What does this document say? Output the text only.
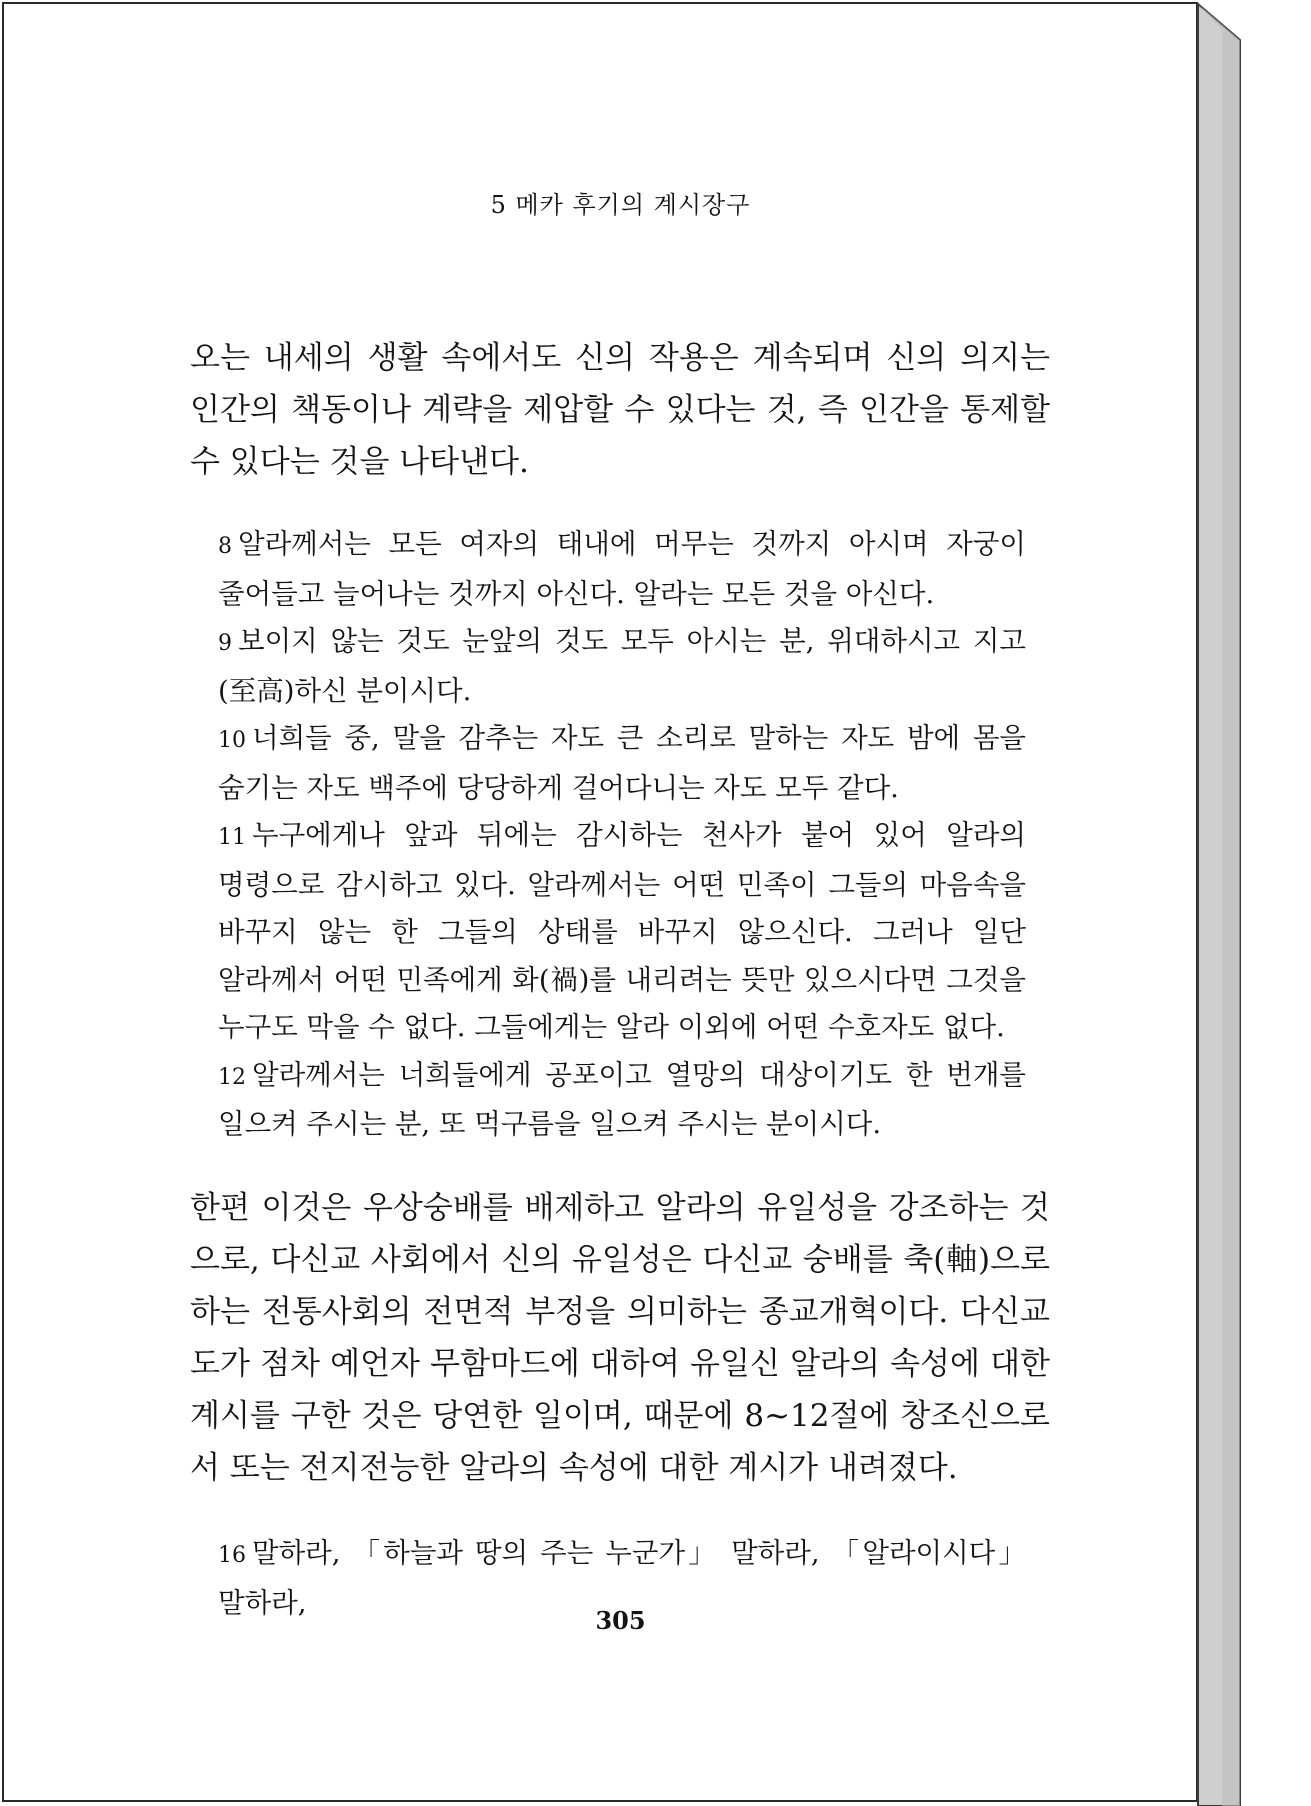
5 메카 후기의 계시장구

오는 내세의 생활 속에서도 신의 작용은 계속되며 신의 의지는 인간의 책동이나 계략을 제압할 수 있다는 것, 즉 인간을 통제할 수 있다는 것을 나타낸다.

8 알라께서는 모든 여자의 태내에 머무는 것까지 아시며 자궁이 줄어들고 늘어나는 것까지 아신다. 알라는 모든 것을 아신다.

9 보이지 않는 것도 눈앞의 것도 모두 아시는 분, 위대하시고 지고(至高)하신 분이시다.

10 너희들 중, 말을 감추는 자도 큰 소리로 말하는 자도 밤에 몸을 숨기는 자도 백주에 당당하게 걸어다니는 자도 모두 같다.

11 누구에게나 앞과 뒤에는 감시하는 천사가 붙어 있어 알라의 명령으로 감시하고 있다. 알라께서는 어떤 민족이 그들의 마음속을 바꾸지 않는 한 그들의 상태를 바꾸지 않으신다. 그러나 일단 알라께서 어떤 민족에게 화(禍)를 내리려는 뜻만 있으시다면 그것을 누구도 막을 수 없다. 그들에게는 알라 이외에 어떤 수호자도 없다.

12 알라께서는 너희들에게 공포이고 열망의 대상이기도 한 번개를 일으켜 주시는 분, 또 먹구름을 일으켜 주시는 분이시다.

한편 이것은 우상숭배를 배제하고 알라의 유일성을 강조하는 것으로, 다신교 사회에서 신의 유일성은 다신교 숭배를 축(軸)으로 하는 전통사회의 전면적 부정을 의미하는 종교개혁이다. 다신교도가 점차 예언자 무함마드에 대하여 유일신 알라의 속성에 대한 계시를 구한 것은 당연한 일이며, 때문에 8~12절에 창조신으로서 또는 전지전능한 알라의 속성에 대한 계시가 내려졌다.

16 말하라, 「하늘과 땅의 주는 누군가」 말하라, 「알라이시다」 말하라,

305
